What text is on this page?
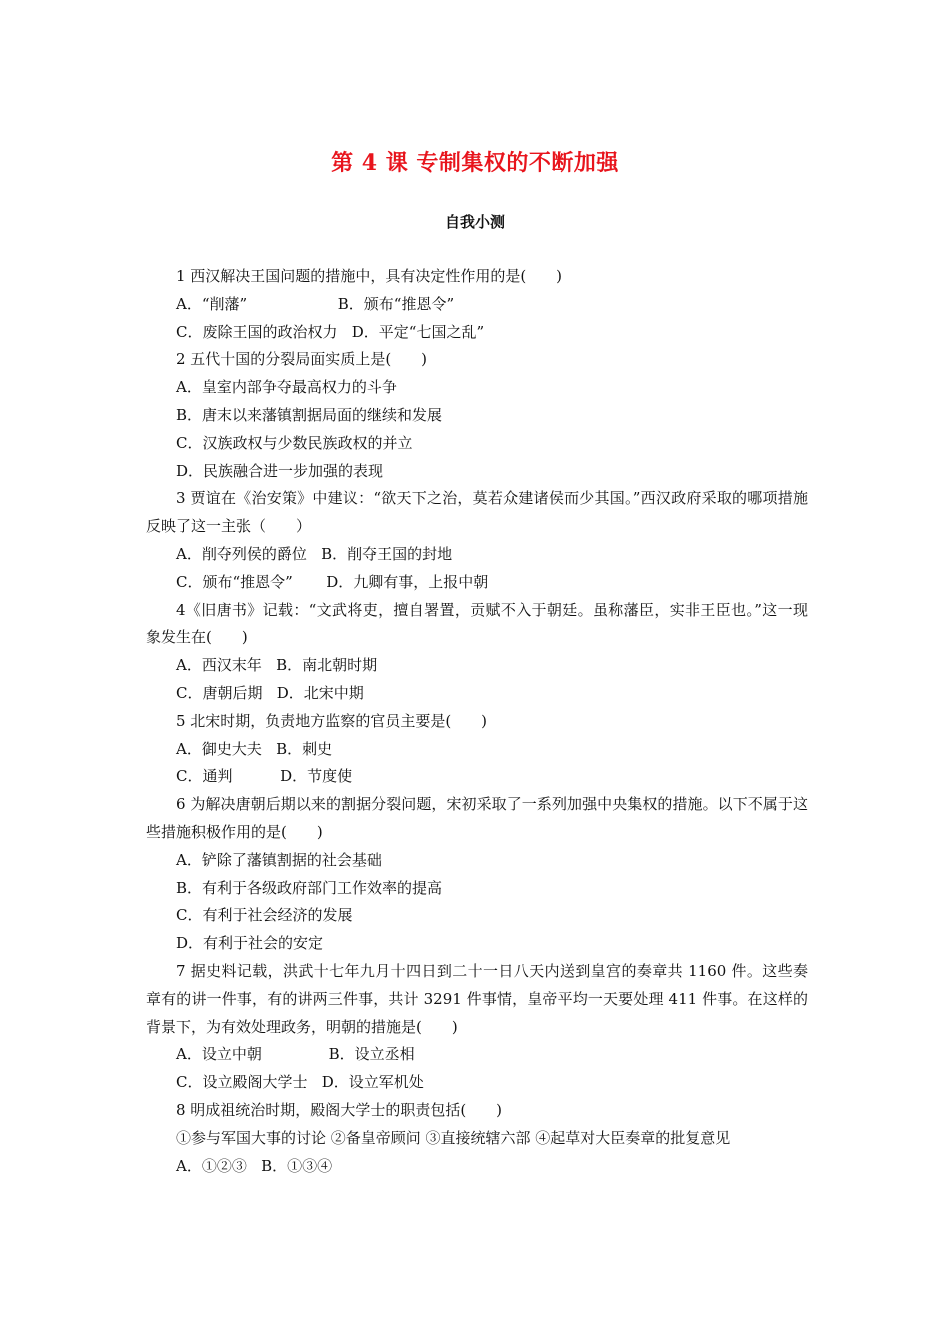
第 4 课 专制集权的不断加强
自我小测
1 西汉解决王国问题的措施中，具有决定性作用的是(　　)
A．“削藩”                   B．颁布“推恩令”
C．废除王国的政治权力   D．平定“七国之乱”
2 五代十国的分裂局面实质上是(　　)
A．皇室内部争夺最高权力的斗争
B．唐末以来藩镇割据局面的继续和发展
C．汉族政权与少数民族政权的并立
D．民族融合进一步加强的表现
3 贾谊在《治安策》中建议：“欲天下之治，莫若众建诸侯而少其国。”西汉政府采取的哪项措施反映了这一主张（　　）
A．削夺列侯的爵位   B．削夺王国的封地
C．颁布“推恩令”       D．九卿有事，上报中朝
4《旧唐书》记载：“文武将吏，擅自署置，贡赋不入于朝廷。虽称藩臣，实非王臣也。”这一现象发生在(　　)
A．西汉末年   B．南北朝时期
C．唐朝后期   D．北宋中期
5 北宋时期，负责地方监察的官员主要是(　　)
A．御史大夫   B．刺史
C．通判          D．节度使
6 为解决唐朝后期以来的割据分裂问题，宋初采取了一系列加强中央集权的措施。以下不属于这些措施积极作用的是(　　)
A．铲除了藩镇割据的社会基础
B．有利于各级政府部门工作效率的提高
C．有利于社会经济的发展
D．有利于社会的安定
7 据史料记载，洪武十七年九月十四日到二十一日八天内送到皇宫的奏章共 1160 件。这些奏章有的讲一件事，有的讲两三件事，共计 3291 件事情，皇帝平均一天要处理 411 件事。在这样的背景下，为有效处理政务，明朝的措施是(　　)
A．设立中朝              B．设立丞相
C．设立殿阁大学士   D．设立军机处
8 明成祖统治时期，殿阁大学士的职责包括(　　)
①参与军国大事的讨论 ②备皇帝顾问 ③直接统辖六部 ④起草对大臣奏章的批复意见
A．①②③   B．①③④
